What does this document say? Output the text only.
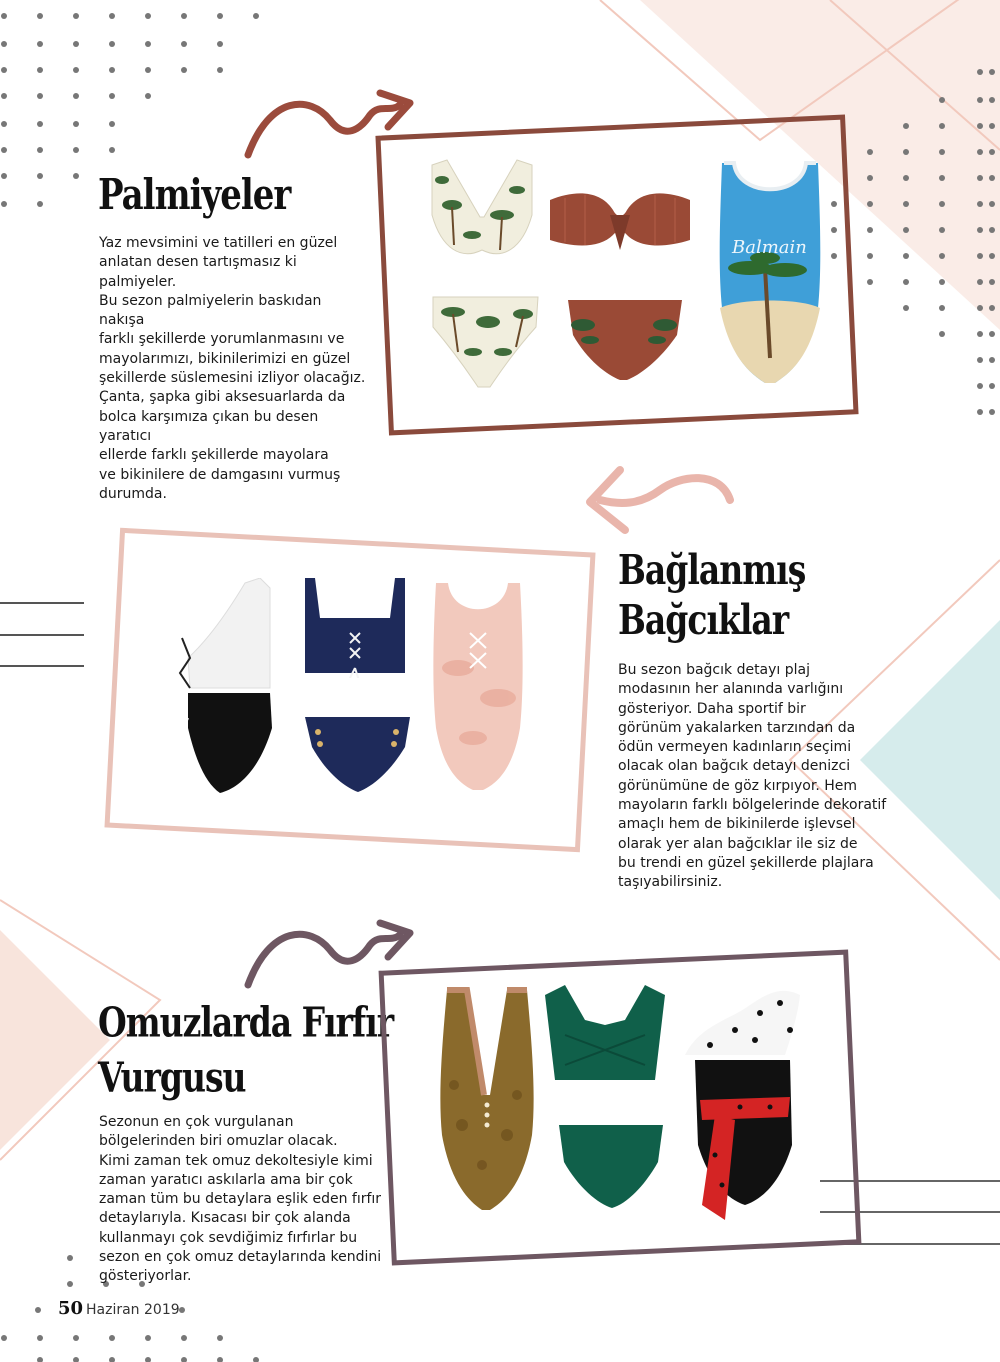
Palmiyeler
Yaz mevsimini ve tatilleri en güzel
anlatan desen tartışmasız ki palmiyeler.
Bu sezon palmiyelerin baskıdan nakışa
farklı şekillerde yorumlanmasını ve
mayolarımızı, bikinilerimizi en güzel
şekillerde süslemesini izliyor olacağız.
Çanta, şapka gibi aksesuarlarda da
bolca karşımıza çıkan bu desen yaratıcı
ellerde farklı şekillerde mayolara
ve bikinilere de damgasını vurmuş
durumda.
Balmain
Bağlanmış
Bağcıklar
Bu sezon bağcık detayı plaj
modasının her alanında varlığını
gösteriyor. Daha sportif bir
görünüm yakalarken tarzından da
ödün vermeyen kadınların seçimi
olacak olan bağcık detayı denizci
görünümüne de göz kırpıyor. Hem
mayoların farklı bölgelerinde dekoratif
amaçlı hem de bikinilerde işlevsel
olarak yer alan bağcıklar ile siz de
bu trendi en güzel şekillerde plajlara
taşıyabilirsiniz.
Omuzlarda Fırfır
Vurgusu
Sezonun en çok vurgulanan
bölgelerinden biri omuzlar olacak.
Kimi zaman tek omuz dekoltesiyle kimi
zaman yaratıcı askılarla ama bir çok
zaman tüm bu detaylara eşlik eden fırfır
detaylarıyla. Kısacası bir çok alanda
kullanmayı çok sevdiğimiz fırfırlar bu
sezon en çok omuz detaylarında kendini
gösteriyorlar.
50 Haziran 2019
